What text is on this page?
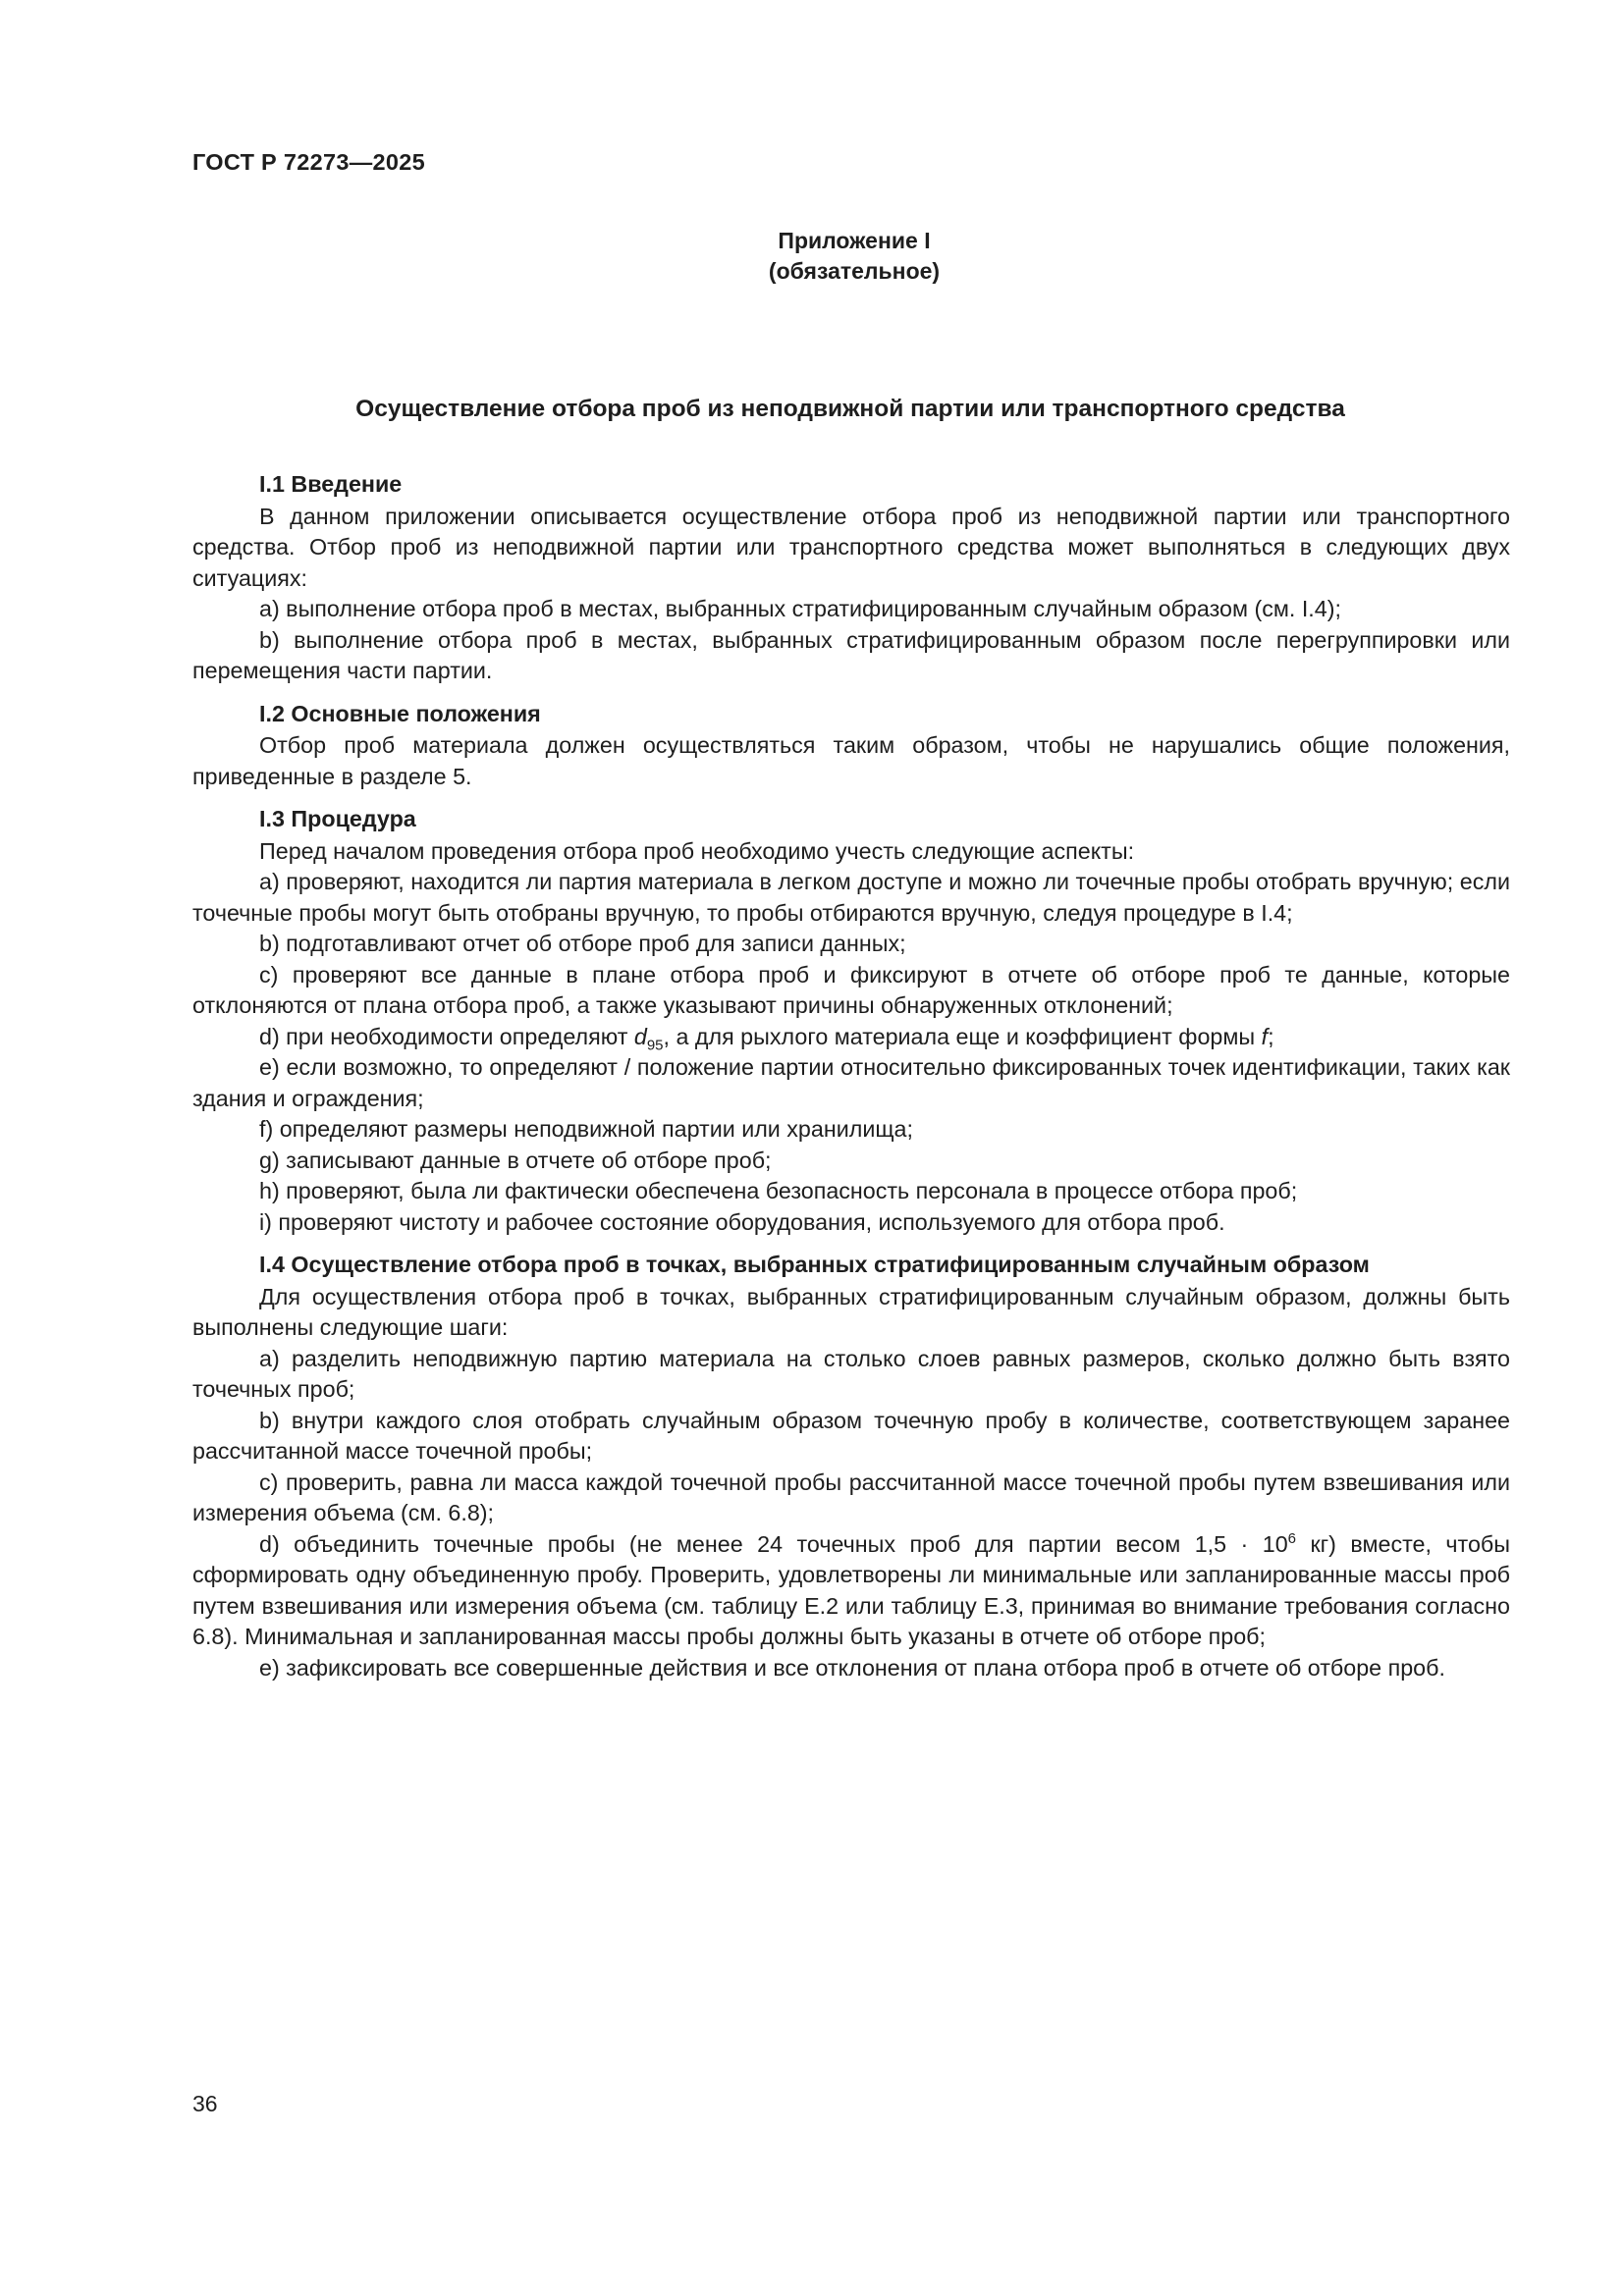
ГОСТ Р 72273—2025
Приложение I
(обязательное)
Осуществление отбора проб из неподвижной партии или транспортного средства
I.1 Введение

В данном приложении описывается осуществление отбора проб из неподвижной партии или транспортного средства. Отбор проб из неподвижной партии или транспортного средства может выполняться в следующих двух ситуациях:

а) выполнение отбора проб в местах, выбранных стратифицированным случайным образом (см. I.4);

b) выполнение отбора проб в местах, выбранных стратифицированным образом после перегруппировки или перемещения части партии.

I.2 Основные положения

Отбор проб материала должен осуществляться таким образом, чтобы не нарушались общие положения, приведенные в разделе 5.

I.3 Процедура

Перед началом проведения отбора проб необходимо учесть следующие аспекты:

а) проверяют, находится ли партия материала в легком доступе и можно ли точечные пробы отобрать вручную; если точечные пробы могут быть отобраны вручную, то пробы отбираются вручную, следуя процедуре в I.4;

b) подготавливают отчет об отборе проб для записи данных;

с) проверяют все данные в плане отбора проб и фиксируют в отчете об отборе проб те данные, которые отклоняются от плана отбора проб, а также указывают причины обнаруженных отклонений;

d) при необходимости определяют $d_{95}$, а для рыхлого материала еще и коэффициент формы f;

е) если возможно, то определяют / положение партии относительно фиксированных точек идентификации, таких как здания и ограждения;

f) определяют размеры неподвижной партии или хранилища;

g) записывают данные в отчете об отборе проб;

h) проверяют, была ли фактически обеспечена безопасность персонала в процессе отбора проб;

i) проверяют чистоту и рабочее состояние оборудования, используемого для отбора проб.

I.4 Осуществление отбора проб в точках, выбранных стратифицированным случайным образом

Для осуществления отбора проб в точках, выбранных стратифицированным случайным образом, должны быть выполнены следующие шаги:

а) разделить неподвижную партию материала на столько слоев равных размеров, сколько должно быть взято точечных проб;

b) внутри каждого слоя отобрать случайным образом точечную пробу в количестве, соответствующем заранее рассчитанной массе точечной пробы;

с) проверить, равна ли масса каждой точечной пробы рассчитанной массе точечной пробы путем взвешивания или измерения объема (см. 6.8);

d) объединить точечные пробы (не менее 24 точечных проб для партии весом $1,5 \cdot 10^6$ кг) вместе, чтобы сформировать одну объединенную пробу. Проверить, удовлетворены ли минимальные или запланированные массы проб путем взвешивания или измерения объема (см. таблицу Е.2 или таблицу Е.3, принимая во внимание требования согласно 6.8). Минимальная и запланированная массы пробы должны быть указаны в отчете об отборе проб;

е) зафиксировать все совершенные действия и все отклонения от плана отбора проб в отчете об отборе проб.

36
